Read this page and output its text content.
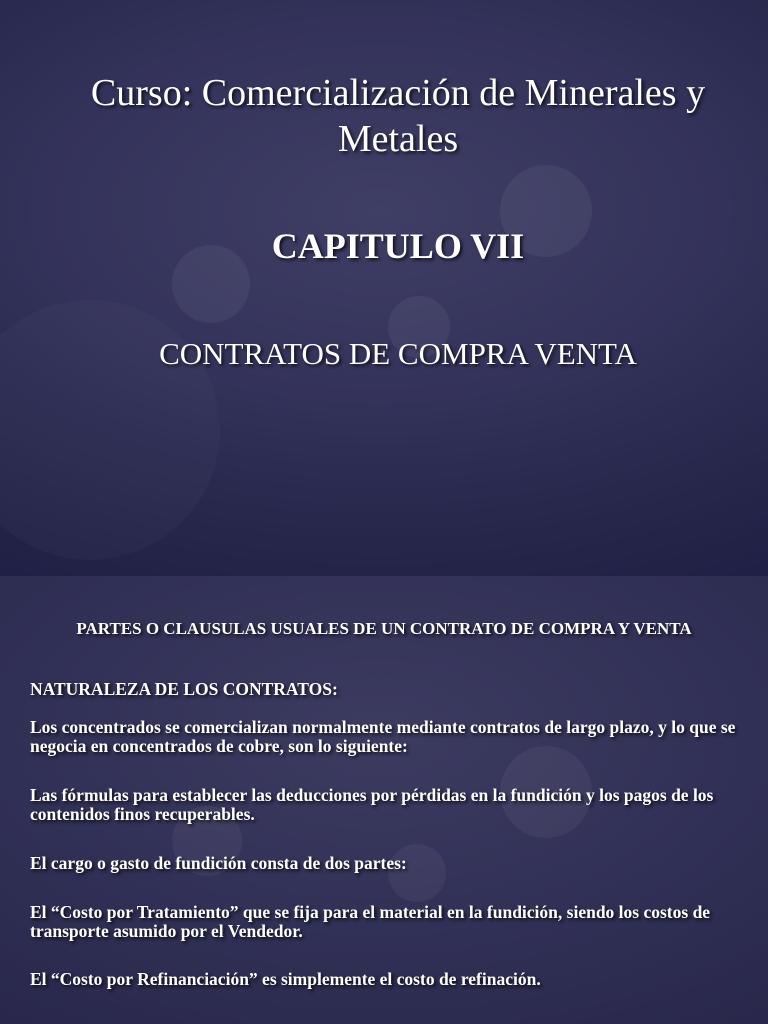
Curso: Comercialización de Minerales y Metales
CAPITULO VII
CONTRATOS DE COMPRA VENTA
PARTES O CLAUSULAS USUALES DE UN CONTRATO DE COMPRA Y VENTA

NATURALEZA DE LOS CONTRATOS:

Los concentrados se comercializan normalmente mediante contratos de largo plazo, y lo que se negocia en concentrados de cobre, son lo siguiente:

Las fórmulas para establecer las deducciones por pérdidas en la fundición y los pagos de los contenidos finos recuperables.

El cargo o gasto de fundición consta de dos partes:

El “Costo por Tratamiento” que se fija para el material en la fundición, siendo los costos de transporte asumido por el Vendedor.

El “Costo por Refinanciación” es simplemente el costo de refinación.
